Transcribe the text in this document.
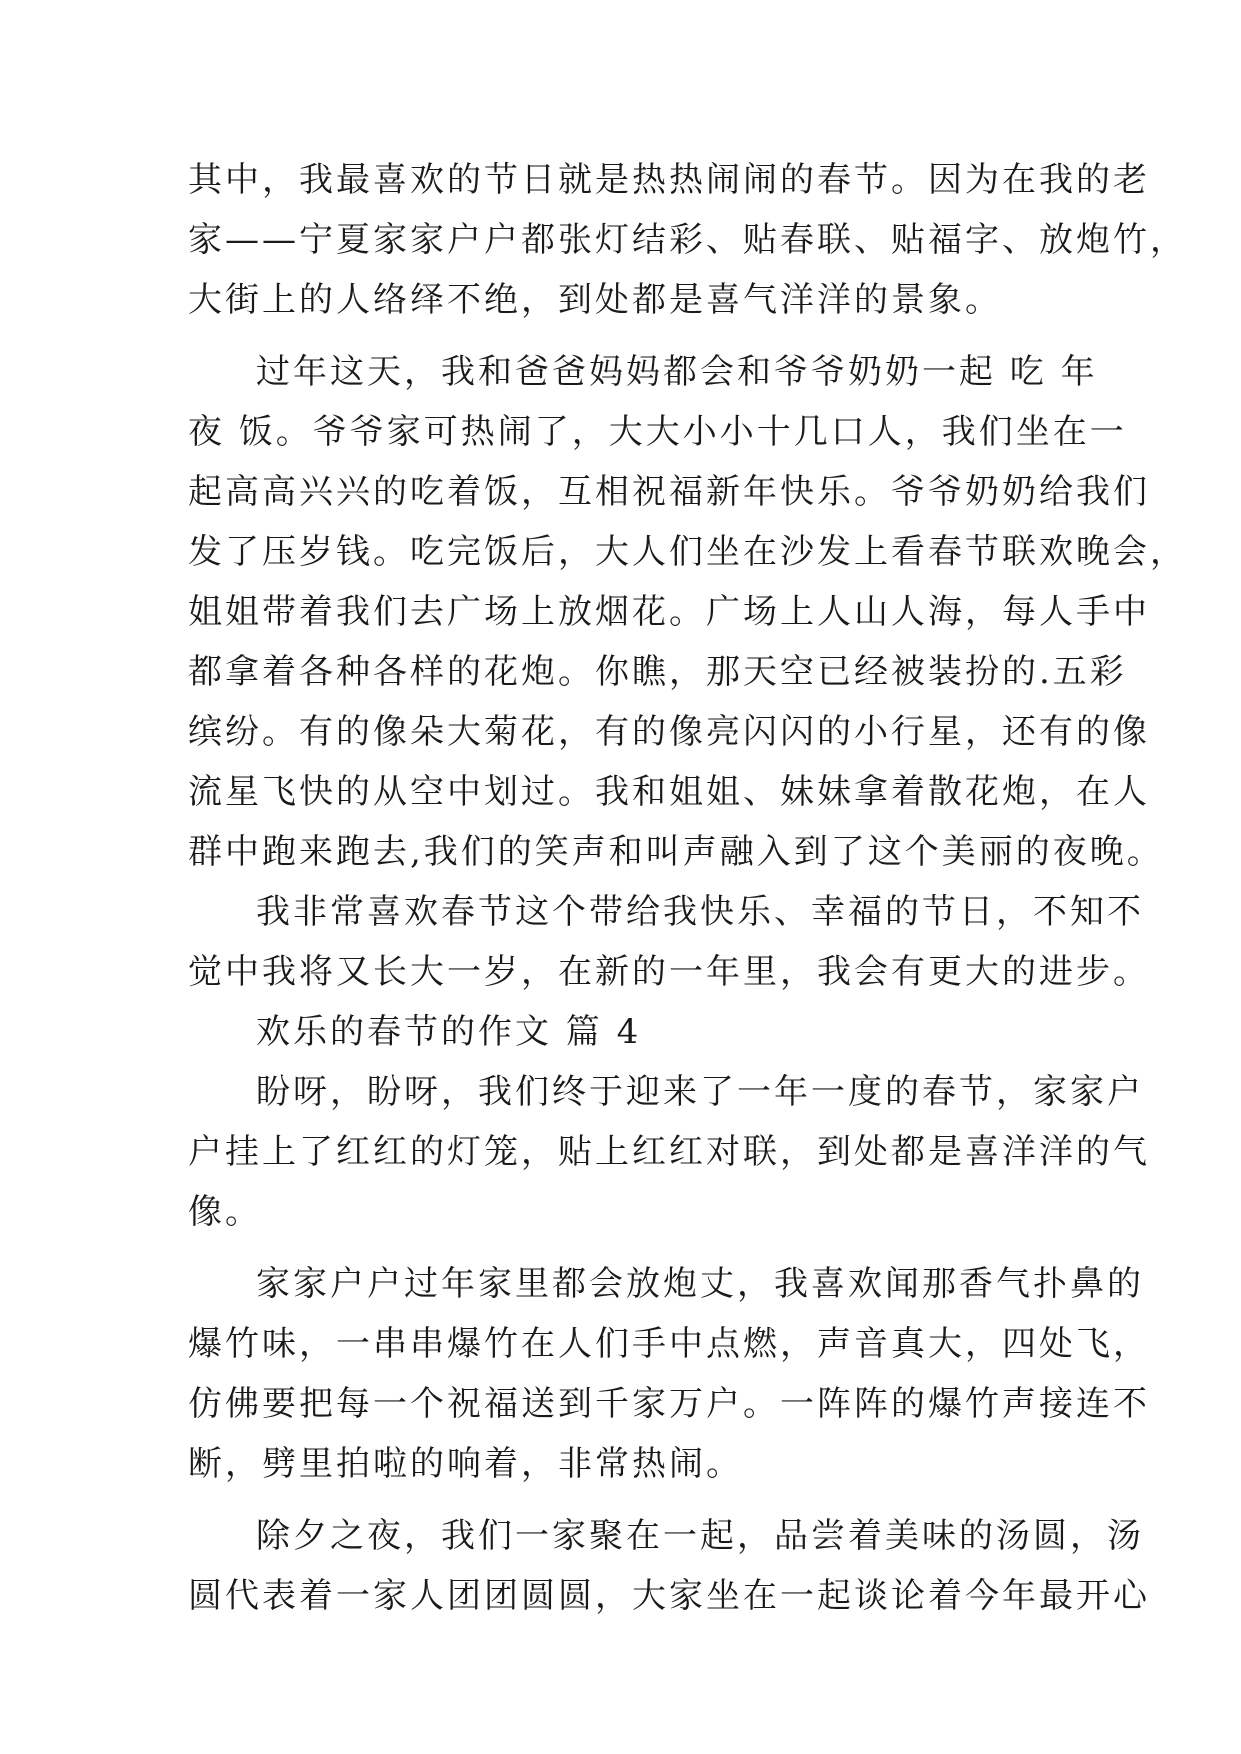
其中，我最喜欢的节日就是热热闹闹的春节。因为在我的老
家——宁夏家家户户都张灯结彩、贴春联、贴福字、放炮竹，
大街上的人络绎不绝，到处都是喜气洋洋的景象。
过年这天，我和爸爸妈妈都会和爷爷奶奶一起 吃 年
夜 饭。爷爷家可热闹了，大大小小十几口人，我们坐在一
起高高兴兴的吃着饭，互相祝福新年快乐。爷爷奶奶给我们
发了压岁钱。吃完饭后，大人们坐在沙发上看春节联欢晚会，
姐姐带着我们去广场上放烟花。广场上人山人海，每人手中
都拿着各种各样的花炮。你瞧，那天空已经被装扮的.五彩
缤纷。有的像朵大菊花，有的像亮闪闪的小行星，还有的像
流星飞快的从空中划过。我和姐姐、妹妹拿着散花炮，在人
群中跑来跑去,我们的笑声和叫声融入到了这个美丽的夜晚。
我非常喜欢春节这个带给我快乐、幸福的节日，不知不
觉中我将又长大一岁，在新的一年里，我会有更大的进步。
欢乐的春节的作文 篇 4
盼呀，盼呀，我们终于迎来了一年一度的春节，家家户
户挂上了红红的灯笼，贴上红红对联，到处都是喜洋洋的气
像。
家家户户过年家里都会放炮丈，我喜欢闻那香气扑鼻的
爆竹味，一串串爆竹在人们手中点燃，声音真大，四处飞，
仿佛要把每一个祝福送到千家万户。一阵阵的爆竹声接连不
断，劈里拍啦的响着，非常热闹。
除夕之夜，我们一家聚在一起，品尝着美味的汤圆，汤
圆代表着一家人团团圆圆，大家坐在一起谈论着今年最开心
